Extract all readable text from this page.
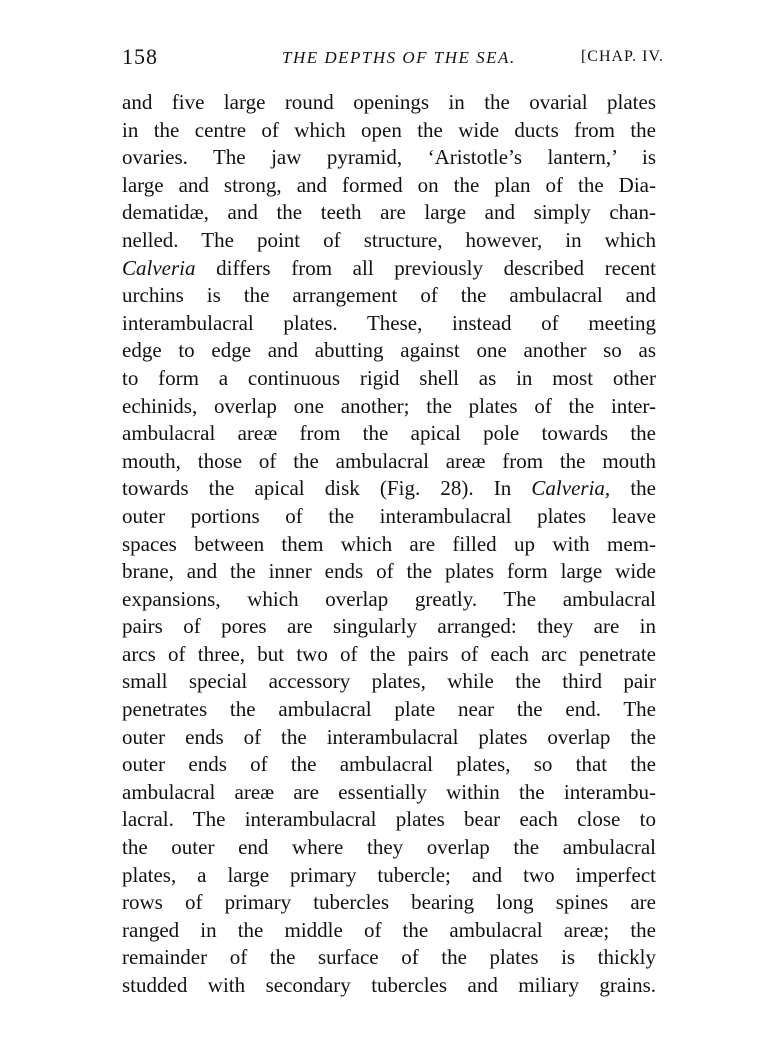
158	THE DEPTHS OF THE SEA.	[CHAP. IV.
and five large round openings in the ovarial plates
in the centre of which open the wide ducts from the
ovaries. The jaw pyramid, ‘Aristotle’s lantern,’ is
large and strong, and formed on the plan of the Dia-
dematidæ, and the teeth are large and simply chan-
nelled. The point of structure, however, in which
Calveria differs from all previously described recent
urchins is the arrangement of the ambulacral and
interambulacral plates. These, instead of meeting
edge to edge and abutting against one another so as
to form a continuous rigid shell as in most other
echinids, overlap one another; the plates of the inter-
ambulacral areæ from the apical pole towards the
mouth, those of the ambulacral areæ from the mouth
towards the apical disk (Fig. 28). In Calveria, the
outer portions of the interambulacral plates leave
spaces between them which are filled up with mem-
brane, and the inner ends of the plates form large wide
expansions, which overlap greatly. The ambulacral
pairs of pores are singularly arranged: they are in
arcs of three, but two of the pairs of each arc penetrate
small special accessory plates, while the third pair
penetrates the ambulacral plate near the end. The
outer ends of the interambulacral plates overlap the
outer ends of the ambulacral plates, so that the
ambulacral areæ are essentially within the interambu-
lacral. The interambulacral plates bear each close to
the outer end where they overlap the ambulacral
plates, a large primary tubercle; and two imperfect
rows of primary tubercles bearing long spines are
ranged in the middle of the ambulacral areæ; the
remainder of the surface of the plates is thickly
studded with secondary tubercles and miliary grains.
